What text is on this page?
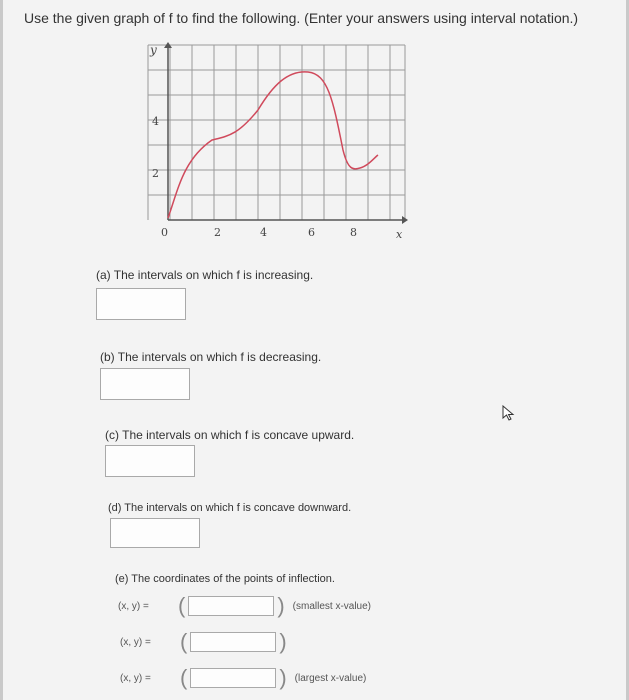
Use the given graph of f to find the following. (Enter your answers using interval notation.)
y
x
4
2
0	2	4	6	8
(a) The intervals on which f is increasing.
(b) The intervals on which f is decreasing.
(c) The intervals on which f is concave upward.
(d) The intervals on which f is concave downward.
(e) The coordinates of the points of inflection.
(x, y) =	(	) (smallest x-value)
(x, y) =	(	)
(x, y) =	(	) (largest x-value)
